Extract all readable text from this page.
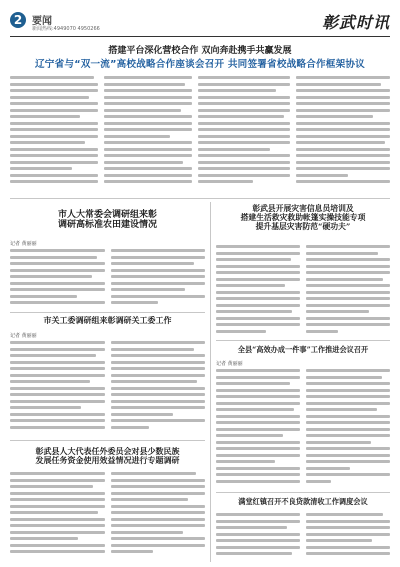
2 要闻
新闻热线:4949070 4950266	彰武时讯
搭建平台深化营校合作 双向奔赴携手共赢发展
辽宁省与“双一流”高校战略合作座谈会召开 共同签署省校战略合作框架协议
市人大常委会调研组来彰
调研高标准农田建设情况
记者 黄丽丽
市关工委调研组来彰调研关工委工作
记者 黄丽丽
彰武县人大代表任外委员会对县少数民族
发展任务资金使用效益情况进行专题调研
彰武县开展灾害信息员培训及
搭建生活救灾救助帐篷实操技能专项
提升基层灾害防范“硬功夫”
全县“高效办成一件事”工作推进会议召开
记者 黄丽丽
满堂红镇召开不良贷款清收工作调度会议
